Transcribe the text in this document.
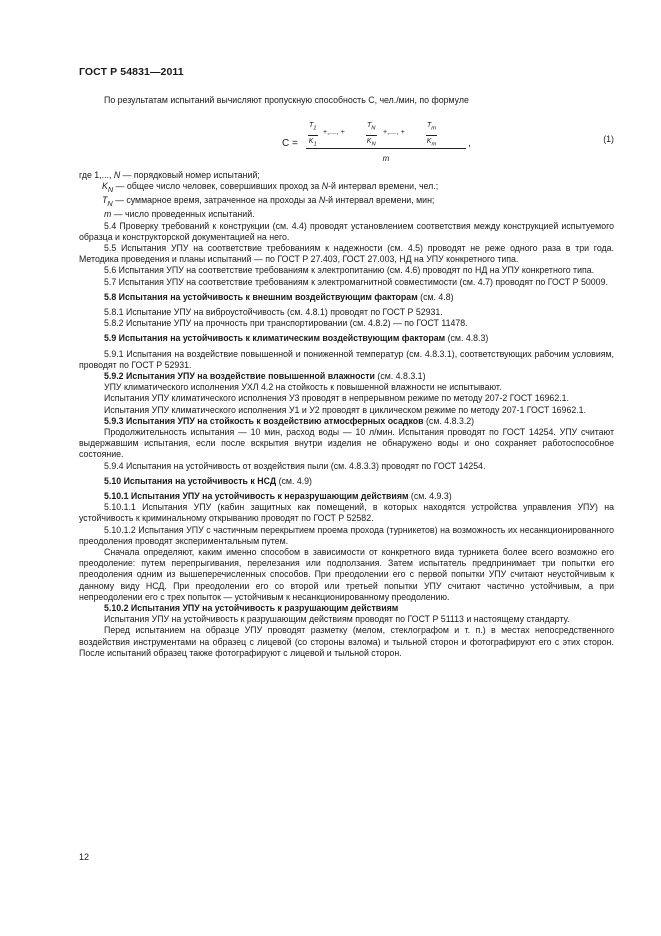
ГОСТ Р 54831—2011

По результатам испытаний вычисляют пропускную способность С, чел./мин, по формуле

С =
$T_1$
$K_1$
+,...., +
$T_N$
$K_N$
+,...., +
$T_m$
$K_m$
m
,	(1)

где 1,..., N — порядковый номер испытаний;

$K_N$ — общее число человек, совершивших проход за N-й интервал времени, чел.;

$T_N$ — суммарное время, затраченное на проходы за N-й интервал времени, мин;

m — число проведенных испытаний.

5.4 Проверку требований к конструкции (см. 4.4) проводят установлением соответствия между конструкцией испытуемого образца и конструкторской документацией на него.

5.5 Испытания УПУ на соответствие требованиям к надежности (см. 4.5) проводят не реже одного раза в три года. Методика проведения и планы испытаний — по ГОСТ Р 27.403, ГОСТ 27.003, НД на УПУ конкретного типа.

5.6 Испытания УПУ на соответствие требованиям к электропитанию (см. 4.6) проводят по НД на УПУ конкретного типа.

5.7 Испытания УПУ на соответствие требованиям к электромагнитной совместимости (см. 4.7) проводят по ГОСТ Р 50009.

5.8 Испытания на устойчивость к внешним воздействующим факторам (см. 4.8)

5.8.1 Испытание УПУ на виброустойчивость (см. 4.8.1) проводят по ГОСТ Р 52931.

5.8.2 Испытание УПУ на прочность при транспортировании (см. 4.8.2) — по ГОСТ 11478.

5.9 Испытания на устойчивость к климатическим воздействующим факторам (см. 4.8.3)

5.9.1 Испытания на воздействие повышенной и пониженной температур (см. 4.8.3.1), соответствующих рабочим условиям, проводят по ГОСТ Р 52931.

5.9.2 Испытания УПУ на воздействие повышенной влажности (см. 4.8.3.1)

УПУ климатического исполнения УХЛ 4.2 на стойкость к повышенной влажности не испытывают.

Испытания УПУ климатического исполнения У3 проводят в непрерывном режиме по методу 207-2 ГОСТ 16962.1.

Испытания УПУ климатического исполнения У1 и У2 проводят в циклическом режиме по методу 207-1 ГОСТ 16962.1.

5.9.3 Испытания УПУ на стойкость к воздействию атмосферных осадков (см. 4.8.3.2)

Продолжительность испытания — 10 мин, расход воды — 10 л/мин. Испытания проводят по ГОСТ 14254. УПУ считают выдержавшим испытания, если после вскрытия внутри изделия не обнаружено воды и оно сохраняет работоспособное состояние.

5.9.4 Испытания на устойчивость от воздействия пыли (см. 4.8.3.3) проводят по ГОСТ 14254.

5.10 Испытания на устойчивость к НСД (см. 4.9)

5.10.1 Испытания УПУ на устойчивость к неразрушающим действиям (см. 4.9.3)

5.10.1.1 Испытания УПУ (кабин защитных как помещений, в которых находятся устройства управления УПУ) на устойчивость к криминальному открыванию проводят по ГОСТ Р 52582.

5.10.1.2 Испытания УПУ с частичным перекрытием проема прохода (турникетов) на возможность их несанкционированного преодоления проводят экспериментальным путем.

Сначала определяют, каким именно способом в зависимости от конкретного вида турникета более всего возможно его преодоление: путем перепрыгивания, перелезания или подползания. Затем испытатель предпринимает три попытки его преодоления одним из вышеперечисленных способов. При преодолении его с первой попытки УПУ считают неустойчивым к данному виду НСД. При преодолении его со второй или третьей попытки УПУ считают частично устойчивым, а при непреодолении его с трех попыток — устойчивым к несанкционированному преодолению.

5.10.2 Испытания УПУ на устойчивость к разрушающим действиям

Испытания УПУ на устойчивость к разрушающим действиям проводят по ГОСТ Р 51113 и настоящему стандарту.

Перед испытанием на образце УПУ проводят разметку (мелом, стеклографом и т. п.) в местах непосредственного воздействия инструментами на образец с лицевой (со стороны взлома) и тыльной сторон и фотографируют его с этих сторон. После испытаний образец также фотографируют с лицевой и тыльной сторон.

12
